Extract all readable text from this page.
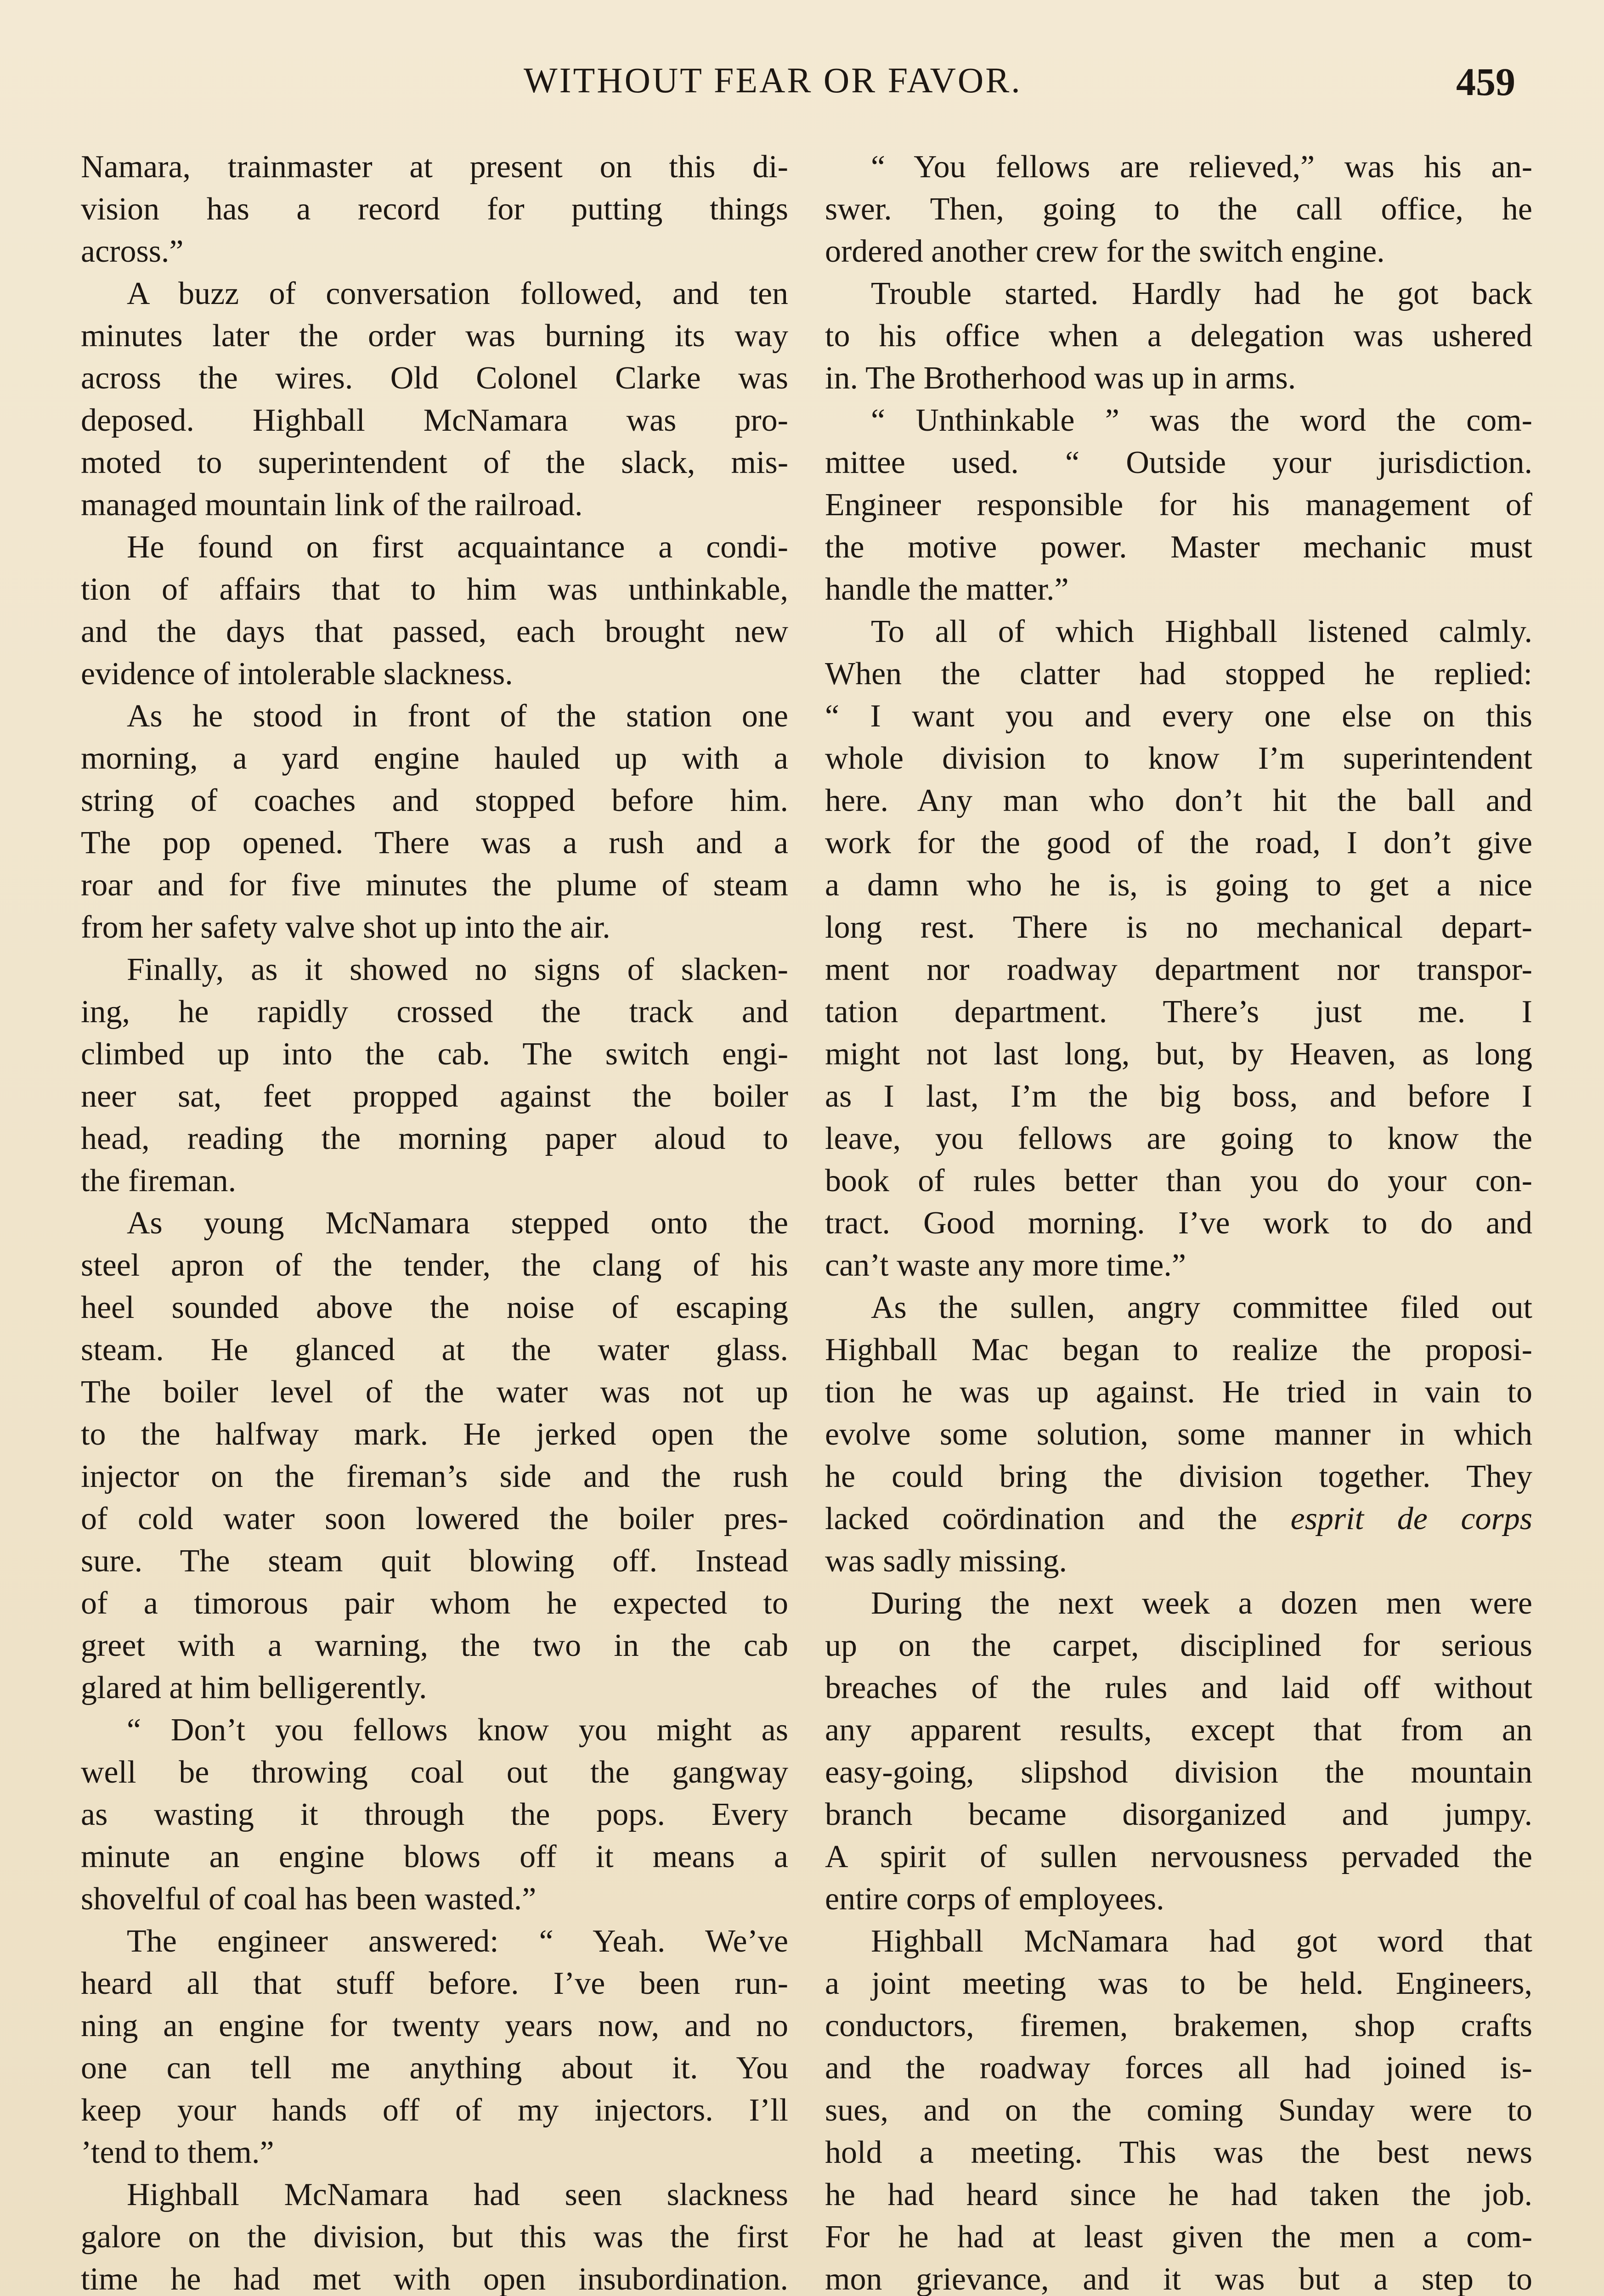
WITHOUT FEAR OR FAVOR.	459

Namara, trainmaster at present on this di-

vision has a record for putting things

across.”

A buzz of conversation followed, and ten

minutes later the order was burning its way

across the wires. Old Colonel Clarke was

deposed. Highball McNamara was pro-

moted to superintendent of the slack, mis-

managed mountain link of the railroad.

He found on first acquaintance a condi-

tion of affairs that to him was unthinkable,

and the days that passed, each brought new

evidence of intolerable slackness.

As he stood in front of the station one

morning, a yard engine hauled up with a

string of coaches and stopped before him.

The pop opened. There was a rush and a

roar and for five minutes the plume of steam

from her safety valve shot up into the air.

Finally, as it showed no signs of slacken-

ing, he rapidly crossed the track and

climbed up into the cab. The switch engi-

neer sat, feet propped against the boiler

head, reading the morning paper aloud to

the fireman.

As young McNamara stepped onto the

steel apron of the tender, the clang of his

heel sounded above the noise of escaping

steam. He glanced at the water glass.

The boiler level of the water was not up

to the halfway mark. He jerked open the

injector on the fireman’s side and the rush

of cold water soon lowered the boiler pres-

sure. The steam quit blowing off. Instead

of a timorous pair whom he expected to

greet with a warning, the two in the cab

glared at him belligerently.

“ Don’t you fellows know you might as

well be throwing coal out the gangway

as wasting it through the pops. Every

minute an engine blows off it means a

shovelful of coal has been wasted.”

The engineer answered: “ Yeah. We’ve

heard all that stuff before. I’ve been run-

ning an engine for twenty years now, and no

one can tell me anything about it. You

keep your hands off of my injectors. I’ll

’tend to them.”

Highball McNamara had seen slackness

galore on the division, but this was the first

time he had met with open insubordination.

“ You fellows are relieved,” was his an-

swer. Then, going to the call office, he

ordered another crew for the switch engine.

Trouble started. Hardly had he got back

to his office when a delegation was ushered

in. The Brotherhood was up in arms.

“ Unthinkable ” was the word the com-

mittee used. “ Outside your jurisdiction.

Engineer responsible for his management of

the motive power. Master mechanic must

handle the matter.”

To all of which Highball listened calmly.

When the clatter had stopped he replied:

“ I want you and every one else on this

whole division to know I’m superintendent

here. Any man who don’t hit the ball and

work for the good of the road, I don’t give

a damn who he is, is going to get a nice

long rest. There is no mechanical depart-

ment nor roadway department nor transpor-

tation department. There’s just me. I

might not last long, but, by Heaven, as long

as I last, I’m the big boss, and before I

leave, you fellows are going to know the

book of rules better than you do your con-

tract. Good morning. I’ve work to do and

can’t waste any more time.”

As the sullen, angry committee filed out

Highball Mac began to realize the proposi-

tion he was up against. He tried in vain to

evolve some solution, some manner in which

he could bring the division together. They

lacked coördination and the esprit de corps

was sadly missing.

During the next week a dozen men were

up on the carpet, disciplined for serious

breaches of the rules and laid off without

any apparent results, except that from an

easy-going, slipshod division the mountain

branch became disorganized and jumpy.

A spirit of sullen nervousness pervaded the

entire corps of employees.

Highball McNamara had got word that

a joint meeting was to be held. Engineers,

conductors, firemen, brakemen, shop crafts

and the roadway forces all had joined is-

sues, and on the coming Sunday were to

hold a meeting. This was the best news

he had heard since he had taken the job.

For he had at least given the men a com-

mon grievance, and it was but a step to
